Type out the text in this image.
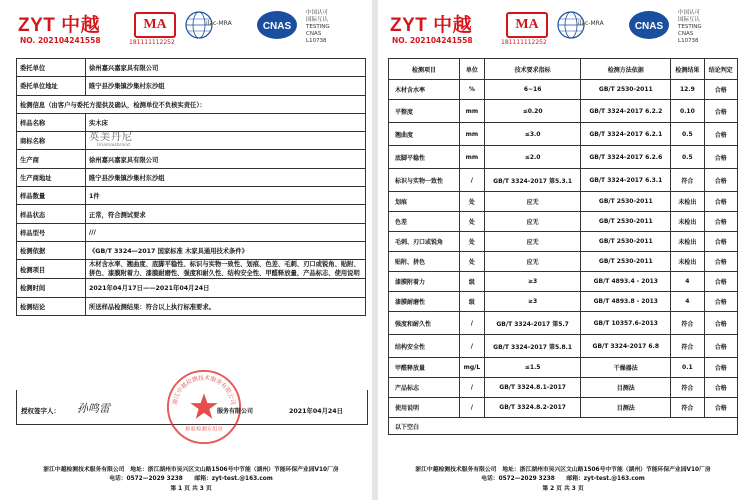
ZYT 中越
NO. 202104241558
MA
181111112252
ilac-MRA	CNAS
中国认可
国际互认
TESTING
CNAS
L10738
委托单位	徐州嘉兴嘉家具有限公司
委托单位地址	睢宁县沙集镇沙集村东沙组
检测信息（由客户与委托方提供及确认，检测单位不负核实责任）：	
样品名称	实木床
商标名称	英美丹尼$_{Unamaisbrand}$
生产商	徐州嘉兴嘉家具有限公司
生产商地址	睢宁县沙集镇沙集村东沙组
样品数量	1件
样品状态	正常，符合测试要求
样品型号	///
检测依据	《GB/T 3324—2017 国家标准 木家具通用技术条件》
检测项目	木材含水率、翘曲度、底脚平稳性、标识与实物一致性、划痕、色差、毛刺、刃口或锐角、贴附、拼色、漆膜附着力、漆膜耐磨性、强度和耐久性、结构安全性、甲醛释放量、产品标志、使用说明
检测时间	2021年04月17日——2021年04月24日
检测结论	所送样品检测结果：符合以上执行标准要求。
授权签字人： 孙鸣雷
浙江中越检测技术服务有限公司
检验检测专用章
服务有限公司	2021年04月24日
浙江中越检测技术服务有限公司　 地址：浙江湖州市吴兴区文山路1506号中节能（湖州）节能环保产业园V10厂房
电话：0572—2029 3238　　 邮箱：zyt-test.@163.com
第 1 页 共 3 页
ZYT 中越
NO. 202104241558
MA
181111112252
ilac-MRA	CNAS
中国认可
国际互认
TESTING
CNAS
L10738
检测项目	单位	技术要求指标	检测方法依据	检测结果	结论判定
木材含水率	%	6~16	GB/T 2530-2011	12.9	合格
平整度	mm	≤0.20	GB/T 3324-2017 6.2.2	0.10	合格
翘曲度	mm	≤3.0	GB/T 3324-2017 6.2.1	0.5	合格
底脚平稳性	mm	≤2.0	GB/T 3324-2017 6.2.6	0.5	合格
标识与实物一致性	/	GB/T 3324-2017 第5.3.1	GB/T 3324-2017 6.3.1	符合	合格
划痕	处	应无	GB/T 2530-2011	未检出	合格
色差	处	应无	GB/T 2530-2011	未检出	合格
毛刺、刃口或锐角	处	应无	GB/T 2530-2011	未检出	合格
贴附、拼色	处	应无	GB/T 2530-2011	未检出	合格
漆膜附着力	级	≥3	GB/T 4893.4 - 2013	4	合格
漆膜耐磨性	级	≥3	GB/T 4893.8 - 2013	4	合格
强度和耐久性	/	GB/T 3324-2017 第5.7	GB/T 10357.6-2013	符合	合格
结构安全性	/	GB/T 3324-2017 第5.8.1	GB/T 3324-2017 6.8	符合	合格
甲醛释放量	mg/L	≤1.5	干燥器法	0.1	合格
产品标志	/	GB/T 3324.8.1-2017	目测法	符合	合格
使用说明	/	GB/T 3324.8.2-2017	目测法	符合	合格
以下空白					
浙江中越检测技术服务有限公司　 地址：浙江湖州市吴兴区文山路1506号中节能（湖州）节能环保产业园V10厂房
电话：0572—2029 3238　　 邮箱：zyt-test.@163.com
第 2 页 共 3 页
